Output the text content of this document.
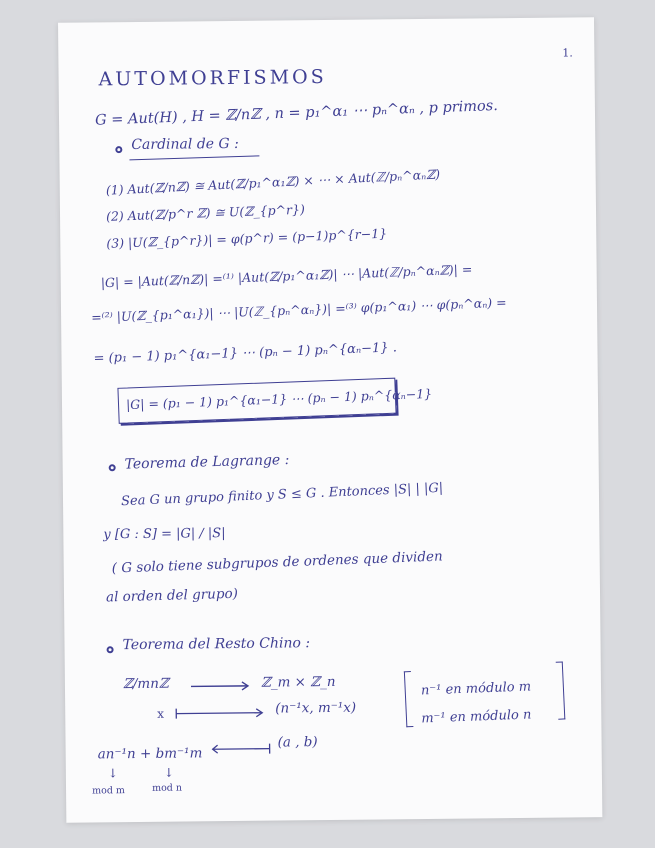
1.
AUTOMORFISMOS
G = Aut(H) , H = ℤ/nℤ , n = p₁^α₁ ⋯ pₙ^αₙ , p primos.
Cardinal de G :
(1) Aut(ℤ/nℤ) ≅ Aut(ℤ/p₁^α₁ℤ) × ⋯ × Aut(ℤ/pₙ^αₙℤ)
(2) Aut(ℤ/p^r ℤ) ≅ U(ℤ_{p^r})
(3) |U(ℤ_{p^r})| = φ(p^r) = (p−1)p^{r−1}
|G| = |Aut(ℤ/nℤ)| =⁽¹⁾ |Aut(ℤ/p₁^α₁ℤ)| ⋯ |Aut(ℤ/pₙ^αₙℤ)| =
=⁽²⁾ |U(ℤ_{p₁^α₁})| ⋯ |U(ℤ_{pₙ^αₙ})| =⁽³⁾ φ(p₁^α₁) ⋯ φ(pₙ^αₙ) =
= (p₁ − 1) p₁^{α₁−1} ⋯ (pₙ − 1) pₙ^{αₙ−1} .
|G| = (p₁ − 1) p₁^{α₁−1} ⋯ (pₙ − 1) pₙ^{αₙ−1}
Teorema de Lagrange :
Sea G un grupo finito y S ≤ G . Entonces |S| | |G|
y [G : S] = |G| / |S|
( G solo tiene subgrupos de ordenes que dividen
al orden del grupo)
Teorema del Resto Chino :
ℤ/mnℤ	ℤ_m × ℤ_n
x	(n⁻¹x, m⁻¹x)
n⁻¹ en módulo m
m⁻¹ en módulo n
an⁻¹n + bm⁻¹m
(a , b)
↓	↓
mod m	mod n
